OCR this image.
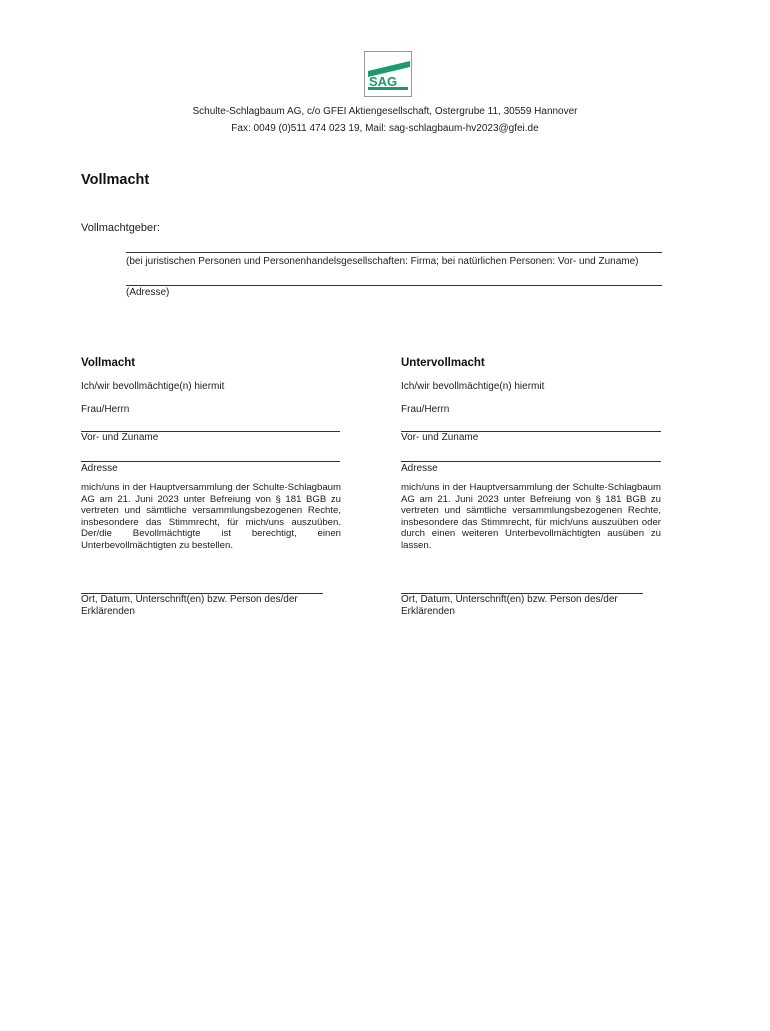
SAG
Schulte-Schlagbaum AG, c/o GFEI Aktiengesellschaft, Ostergrube 11, 30559 Hannover
Fax: 0049 (0)511 474 023 19, Mail: sag-schlagbaum-hv2023@gfei.de
Vollmacht
Vollmachtgeber:
(bei juristischen Personen und Personenhandelsgesellschaften: Firma; bei natürlichen Personen: Vor- und Zuname)
(Adresse)
Vollmacht
Ich/wir bevollmächtige(n) hiermit
Frau/Herrn
Vor- und Zuname
Adresse
mich/uns in der Hauptversammlung der Schulte-Schlagbaum AG am 21. Juni 2023 unter Befreiung von § 181 BGB zu vertreten und sämtliche versammlungsbezogenen Rechte, insbesondere das Stimmrecht, für mich/uns auszuüben. Der/die Bevollmächtigte ist berechtigt, einen Unterbevollmächtigten zu bestellen.
Ort, Datum, Unterschrift(en) bzw. Person des/der Erklärenden
Untervollmacht
Ich/wir bevollmächtige(n) hiermit
Frau/Herrn
Vor- und Zuname
Adresse
mich/uns in der Hauptversammlung der Schulte-Schlagbaum AG am 21. Juni 2023 unter Befreiung von § 181 BGB zu vertreten und sämtliche versammlungsbezogenen Rechte, insbesondere das Stimmrecht, für mich/uns auszuüben oder durch einen weiteren Unterbevollmächtigten ausüben zu lassen.
Ort, Datum, Unterschrift(en) bzw. Person des/der Erklärenden
